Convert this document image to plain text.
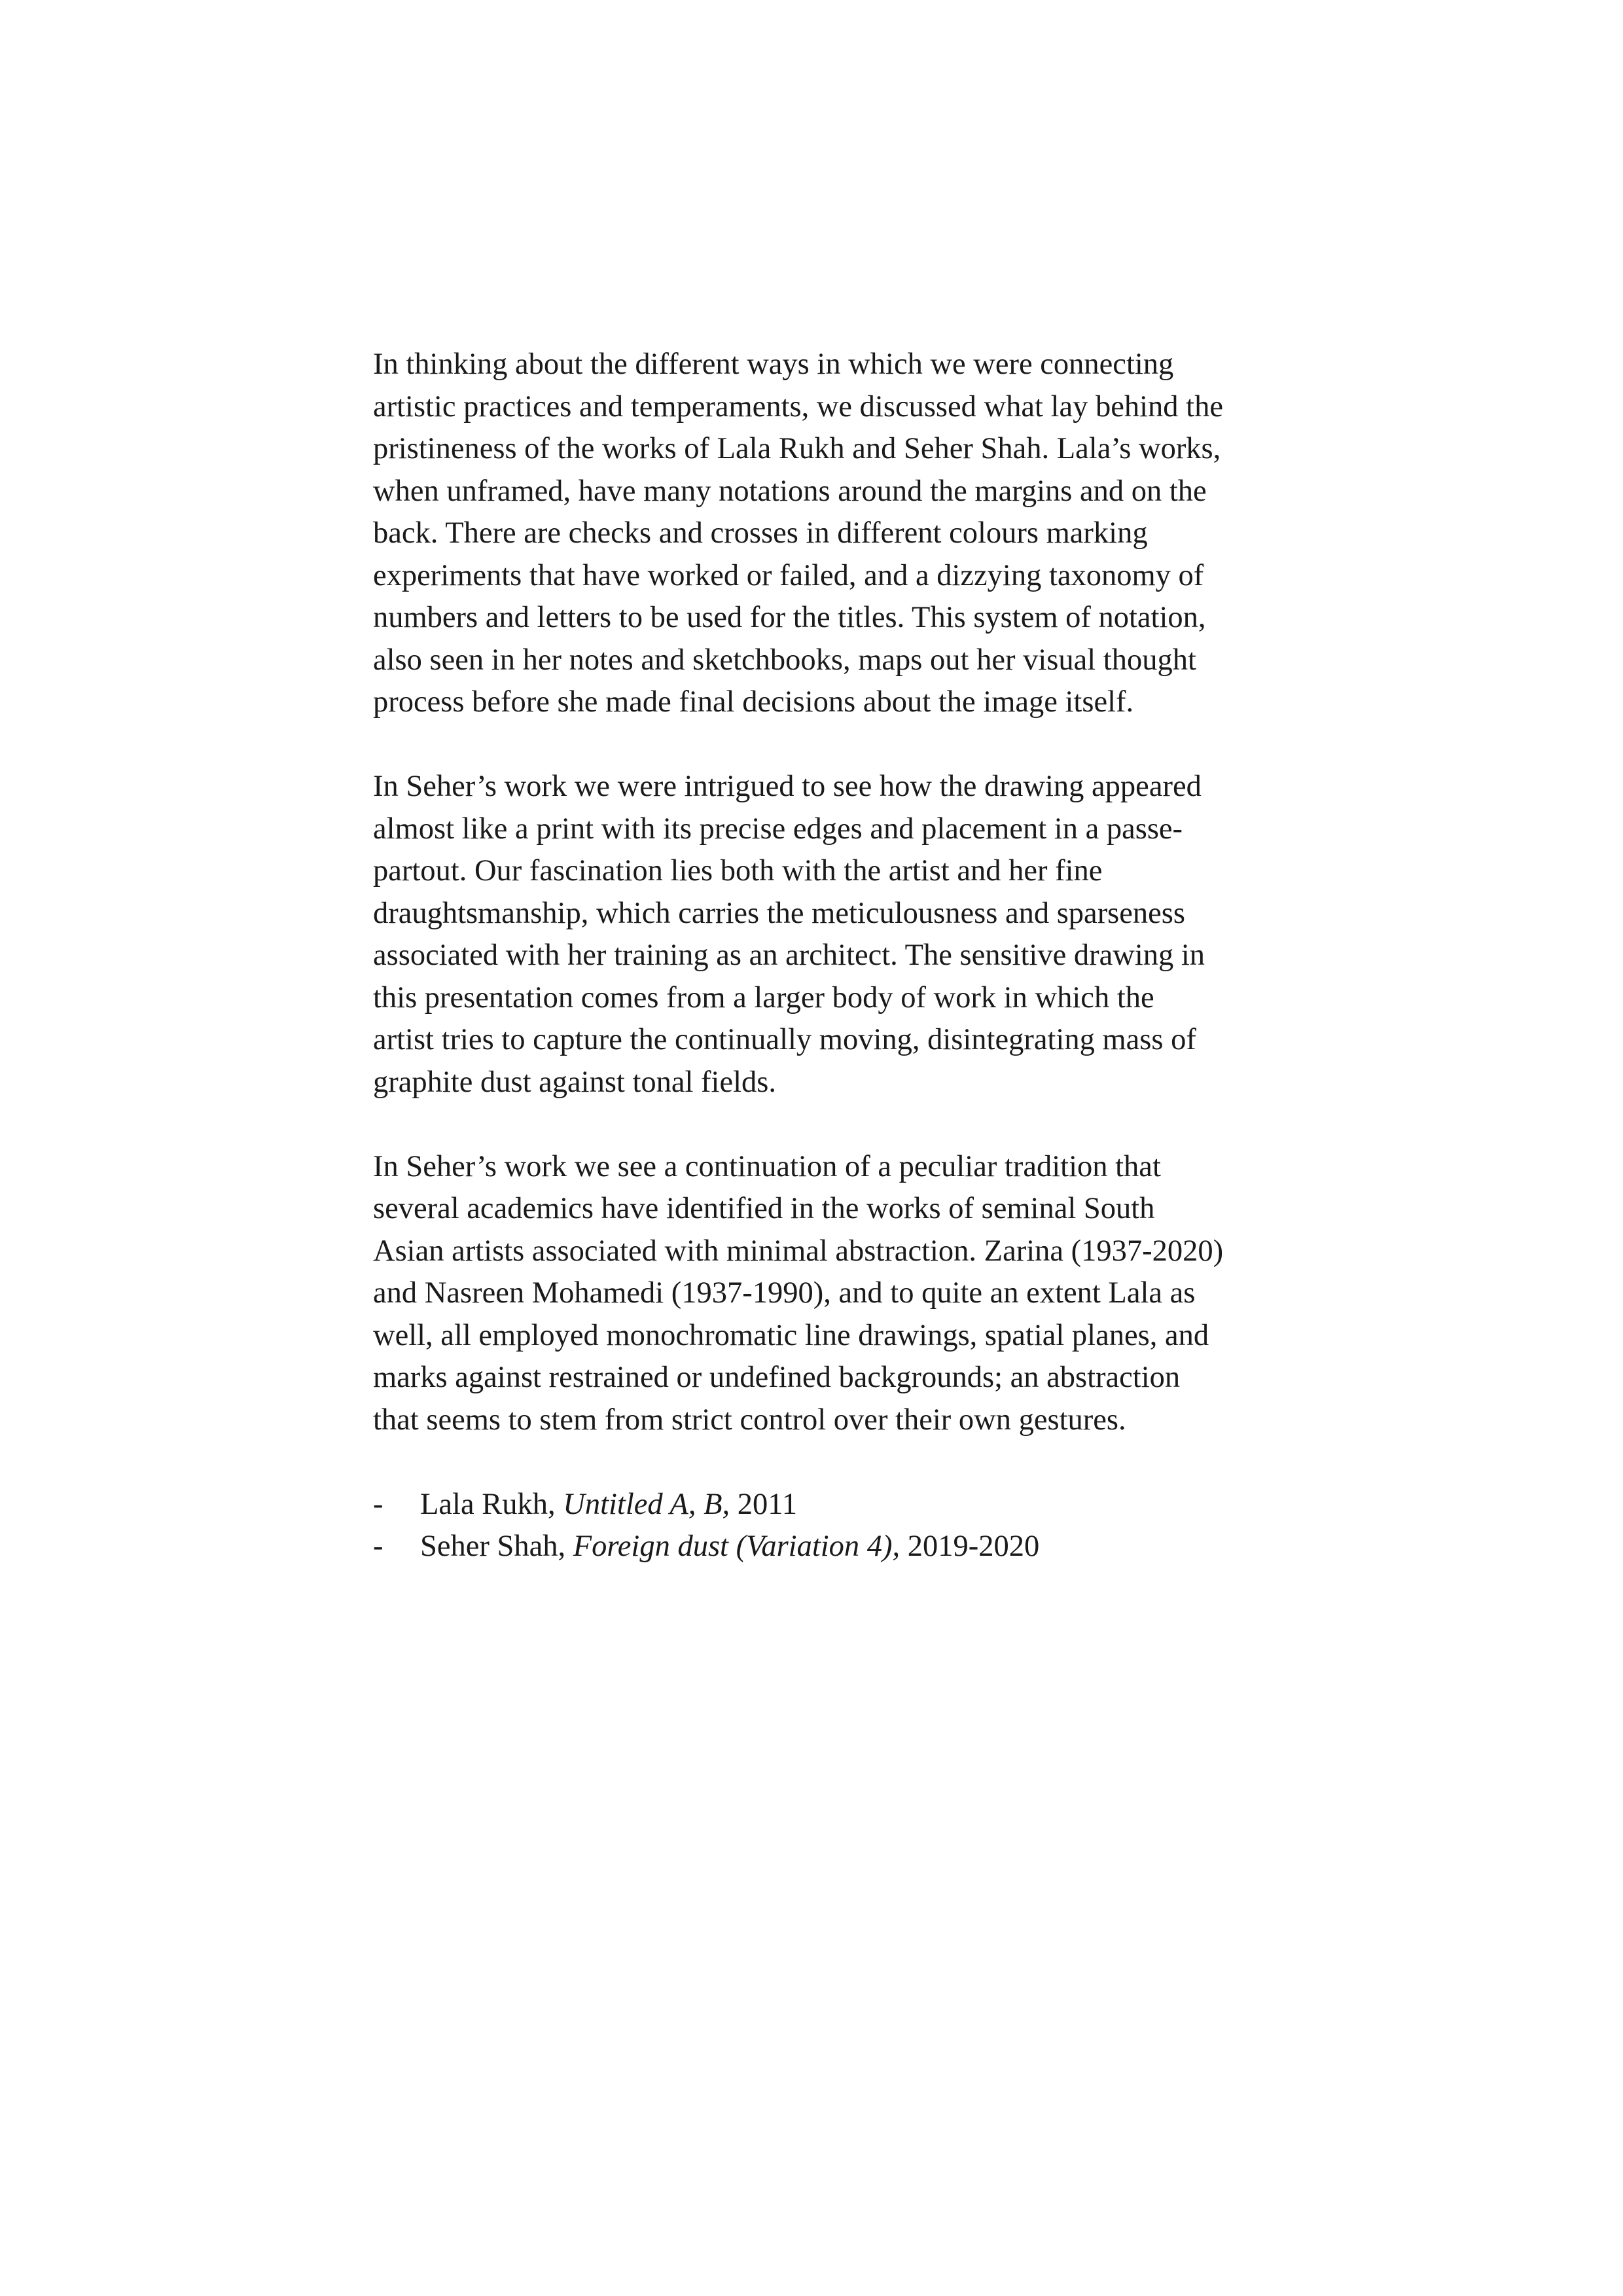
In thinking about the different ways in which we were connecting
artistic practices and temperaments, we discussed what lay behind the
pristineness of the works of Lala Rukh and Seher Shah. Lala’s works,
when unframed, have many notations around the margins and on the
back. There are checks and crosses in different colours marking
experiments that have worked or failed, and a dizzying taxonomy of
numbers and letters to be used for the titles. This system of notation,
also seen in her notes and sketchbooks, maps out her visual thought
process before she made final decisions about the image itself.

In Seher’s work we were intrigued to see how the drawing appeared
almost like a print with its precise edges and placement in a passe-
partout. Our fascination lies both with the artist and her fine
draughtsmanship, which carries the meticulousness and sparseness
associated with her training as an architect. The sensitive drawing in
this presentation comes from a larger body of work in which the
artist tries to capture the continually moving, disintegrating mass of
graphite dust against tonal fields.

In Seher’s work we see a continuation of a peculiar tradition that
several academics have identified in the works of seminal South
Asian artists associated with minimal abstraction. Zarina (1937-2020)
and Nasreen Mohamedi (1937-1990), and to quite an extent Lala as
well, all employed monochromatic line drawings, spatial planes, and
marks against restrained or undefined backgrounds; an abstraction
that seems to stem from strict control over their own gestures.

-	Lala Rukh, Untitled A, B, 2011
-	Seher Shah, Foreign dust (Variation 4), 2019-2020
